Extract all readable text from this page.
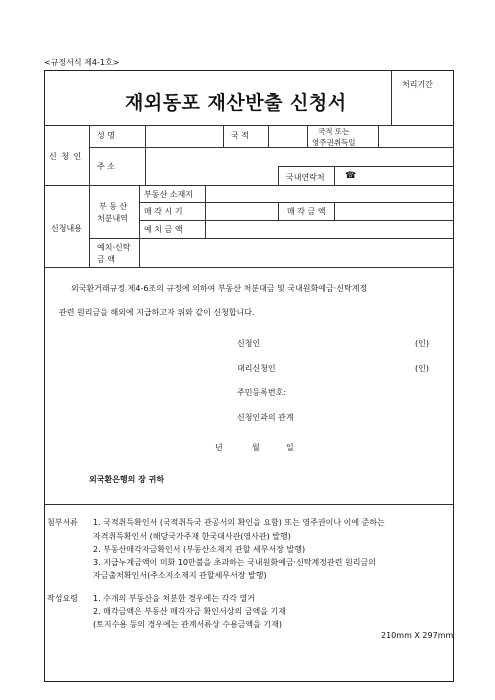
<규정서식 제4-1호>
재외동포 재산반출 신청서
처리기간
신 청 인
성 명	국 적	국적 또는
영주권취득일
주 소
국내연락처 ☎
신청내용
부 동 산
처분내역
부동산 소재지
매 각 시 기	매 각 금 액
예 치 금 액
예치·신탁
금 액
외국환거래규정 제4-6조의 규정에 의하여 부동산 처분대금 및 국내원화예금·신탁계정
관련 원리금을 해외에 지급하고자 위와 같이 신청합니다.
신청인	(인)
대리신청인	(인)
주민등록번호:
신청인과의 관계
년	월	일
외국환은행의 장 귀하
첨부서류 1. 국적취득확인서 (국적취득국 관공서의 확인을 요함) 또는 영주권이나 이에 준하는
자격취득확인서 (해당국가주재 한국대사관(영사관) 발행)
2. 부동산매각자금확인서 (부동산소재지 관할 세무서장 발행)
3. 지급누계금액이 미화 10만불을 초과하는 국내원화예금·신탁계정관련 원리금의
자금출처확인서(주소지소재지 관할세무서장 발행)
작성요령 1. 수개의 부동산을 처분한 경우에는 각각 열거
2. 매각금액은 부동산 매각자금 확인서상의 금액을 기재
(토지수용 등의 경우에는 관계서류상 수용금액을 기재)
210mm X 297mm
